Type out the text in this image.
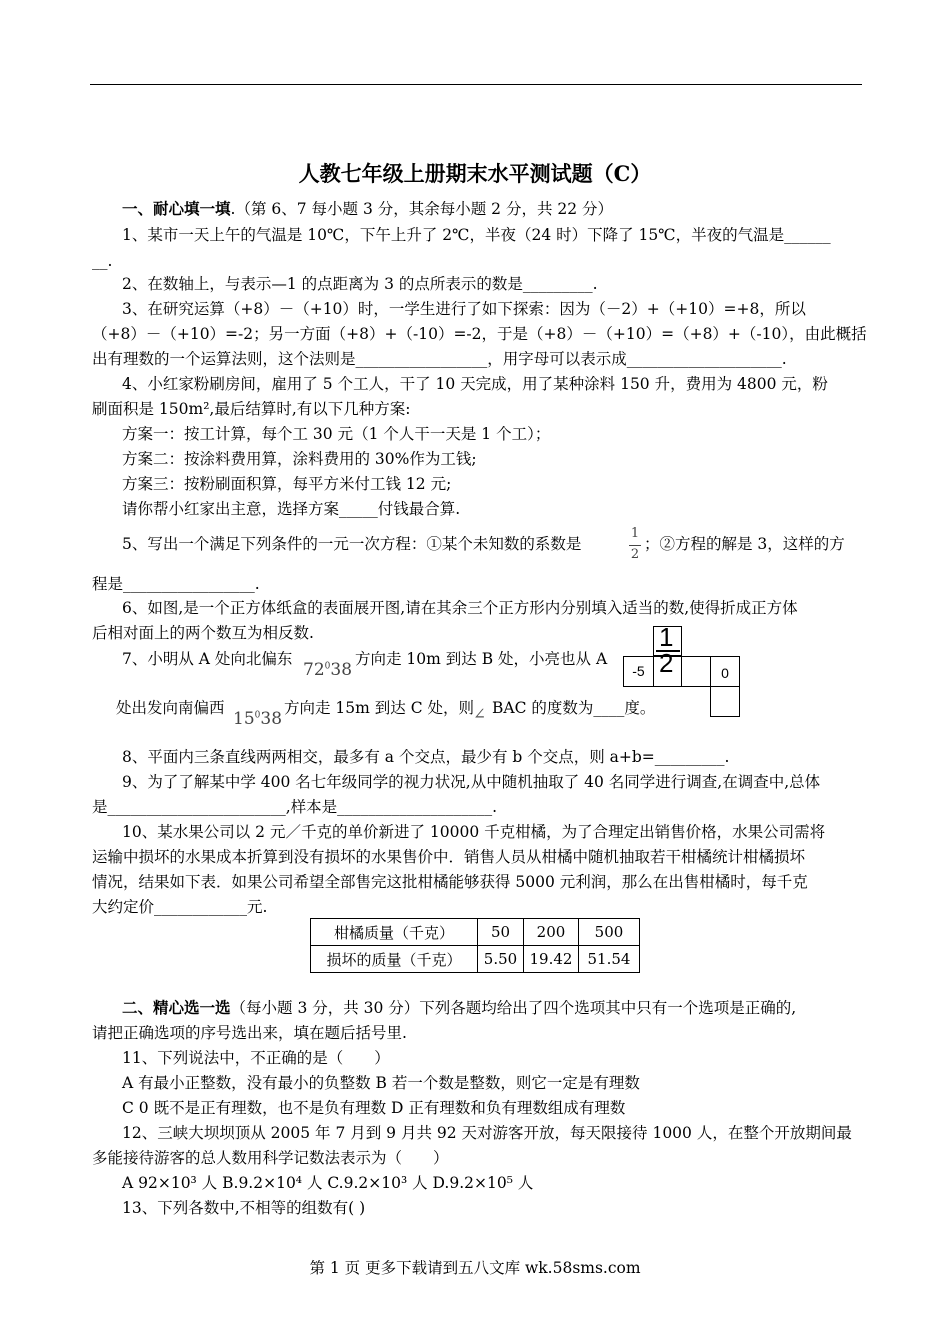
人教七年级上册期末水平测试题（C）
一、耐心填一填.（第 6、7 每小题 3 分，其余每小题 2 分，共 22 分）
1、某市一天上午的气温是 10℃，下午上升了 2℃，半夜（24 时）下降了 15℃，半夜的气温是______
__.
2、在数轴上，与表示—1 的点距离为 3 的点所表示的数是_________.
3、在研究运算（+8）－（+10）时，一学生进行了如下探索：因为（－2）+（+10）=+8，所以
（+8）－（+10）=-2；另一方面（+8）+（-10）=-2，于是（+8）－（+10）=（+8）+（-10），由此概括
出有理数的一个运算法则，这个法则是_________________，用字母可以表示成____________________.
4、小红家粉刷房间，雇用了 5 个工人，干了 10 天完成，用了某种涂料 150 升，费用为 4800 元，粉
刷面积是 150m²,最后结算时,有以下几种方案:
方案一：按工计算，每个工 30 元（1 个人干一天是 1 个工）；
方案二：按涂料费用算，涂料费用的 30%作为工钱;
方案三：按粉刷面积算，每平方米付工钱 12 元;
请你帮小红家出主意，选择方案_____付钱最合算.
5、写出一个满足下列条件的一元一次方程：①某个未知数的系数是
1
2
；②方程的解是 3，这样的方
程是_________________.
6、如图,是一个正方体纸盒的表面展开图,请在其余三个正方形内分别填入适当的数,使得折成正方体
后相对面上的两个数互为相反数.
7、小明从 A 处向北偏东
$72^038$
方向走 10m 到达 B 处，小亮也从 A
处出发向南偏西
$15^038$
方向走 15m 到达 C 处，则 ∠ BAC 的度数为____度。
1
2
-5	0
8、平面内三条直线两两相交，最多有 a 个交点，最少有 b 个交点，则 a+b=_________.
9、为了了解某中学 400 名七年级同学的视力状况,从中随机抽取了 40 名同学进行调查,在调查中,总体
是_______________________,样本是____________________.
10、某水果公司以 2 元／千克的单价新进了 10000 千克柑橘，为了合理定出销售价格，水果公司需将
运输中损坏的水果成本折算到没有损坏的水果售价中．销售人员从柑橘中随机抽取若干柑橘统计柑橘损坏
情况，结果如下表．如果公司希望全部售完这批柑橘能够获得 5000 元利润，那么在出售柑橘时，每千克
大约定价____________元.
柑橘质量（千克）	50	200	500
损坏的质量（千克）	5.50	19.42	51.54
二、精心选一选（每小题 3 分，共 30 分）下列各题均给出了四个选项其中只有一个选项是正确的,
请把正确选项的序号选出来，填在题后括号里.
11、下列说法中，不正确的是（　　）
A 有最小正整数，没有最小的负整数 B 若一个数是整数，则它一定是有理数
C 0 既不是正有理数，也不是负有理数 D 正有理数和负有理数组成有理数
12、三峡大坝坝顶从 2005 年 7 月到 9 月共 92 天对游客开放，每天限接待 1000 人，在整个开放期间最
多能接待游客的总人数用科学记数法表示为（　　）
A 92×10³ 人 B.9.2×10⁴ 人 C.9.2×10³ 人 D.9.2×10⁵ 人
13、下列各数中,不相等的组数有( )
第 1 页 更多下载请到五八文库 wk.58sms.com
